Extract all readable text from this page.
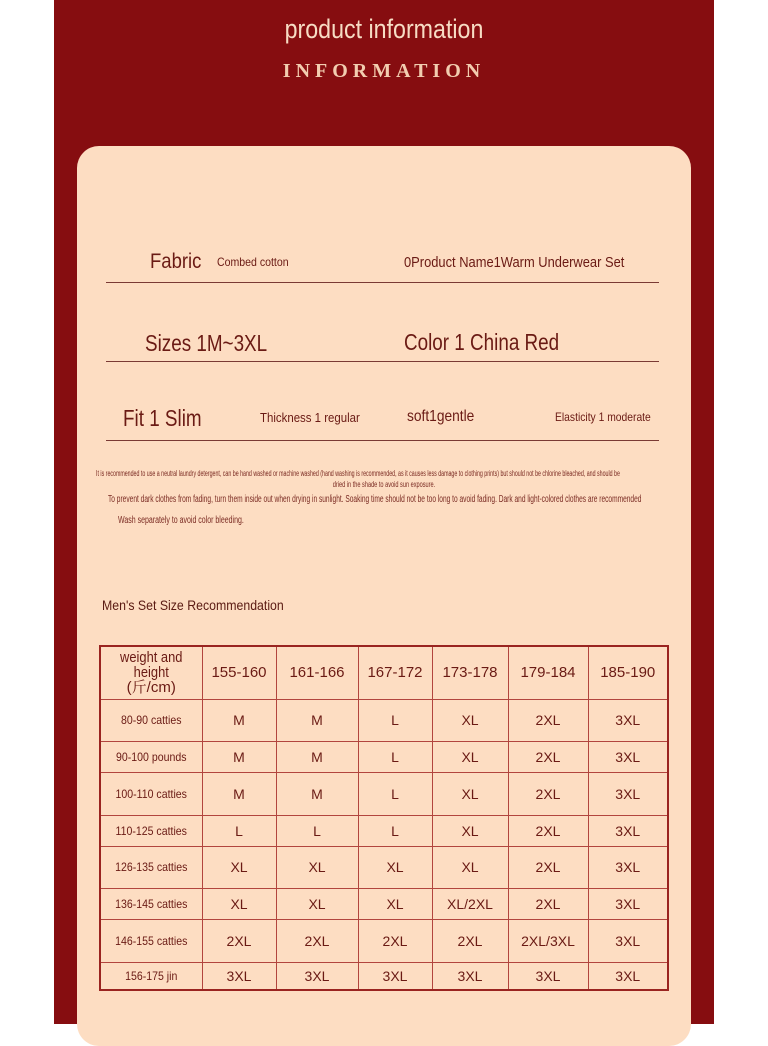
product information
INFORMATION
Fabric Combed cotton	0Product Name1Warm Underwear Set
Sizes 1M~3XL	Color 1 China Red
Fit 1 Slim	Thickness 1 regular	soft1gentle	Elasticity 1 moderate
It is recommended to use a neutral laundry detergent, can be hand washed or machine washed (hand washing is recommended, as it causes less damage to clothing prints) but should not be chlorine bleached, and should be
dried in the shade to avoid sun exposure.
To prevent dark clothes from fading, turn them inside out when drying in sunlight. Soaking time should not be too long to avoid fading. Dark and light-colored clothes are recommended
Wash separately to avoid color bleeding.
Men's Set Size Recommendation
weight and height
(斤/cm)	155-160	161-166	167-172	173-178	179-184	185-190

80-90 catties	M	M	L	XL	2XL	3XL

90-100 pounds	M	M	L	XL	2XL	3XL

100-110 catties	M	M	L	XL	2XL	3XL

110-125 catties	L	L	L	XL	2XL	3XL

126-135 catties	XL	XL	XL	XL	2XL	3XL

136-145 catties	XL	XL	XL	XL/2XL	2XL	3XL

146-155 catties	2XL	2XL	2XL	2XL	2XL/3XL	3XL

156-175 jin	3XL	3XL	3XL	3XL	3XL	3XL
